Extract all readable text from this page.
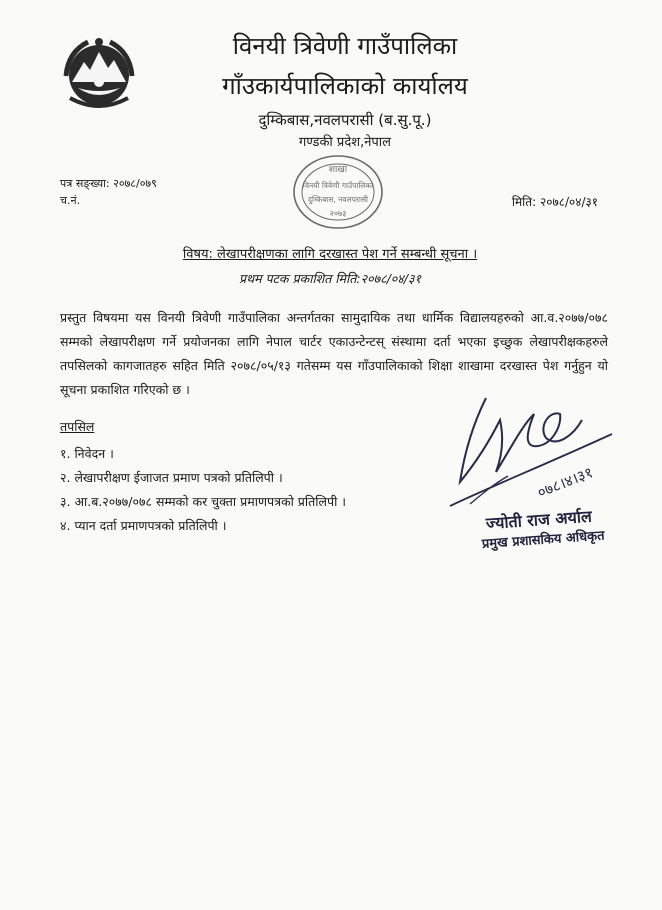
विनयी त्रिवेणी गाउँपालिका
गाँउकार्यपालिकाको कार्यालय
दुम्किबास,नवलपरासी (ब.सु.पू.)
गण्डकी प्रदेश,नेपाल
शाखा
विनयी त्रिवेणी गाउँपालिका
दुम्किबास, नवलपरासी
२०७३
पत्र सङ्ख्या: २०७८/०७९
च.नं.	मिति: २०७८/०४/३१
विषय: लेखापरीक्षणका लागि दरखास्त पेश गर्ने सम्बन्धी सूचना ।
प्रथम पटक प्रकाशित मिति:२०७८/०४/३१

प्रस्तुत विषयमा यस विनयी त्रिवेणी गाउँपालिका अन्तर्गतका सामुदायिक तथा धार्मिक विद्यालयहरुको आ.व.२०७७/०७८ सम्मको लेखापरीक्षण गर्ने प्रयोजनका लागि नेपाल चार्टर एकाउन्टेन्टस् संस्थामा दर्ता भएका इच्छुक लेखापरीक्षकहरुले तपसिलको कागजातहरु सहित मिति २०७८/०५/१३ गतेसम्म यस गाँउपालिकाको शिक्षा शाखामा दरखास्त पेश गर्नुहुन यो सूचना प्रकाशित गरिएको छ ।

तपसिल
१. निवेदन ।
२. लेखापरीक्षण ईजाजत प्रमाण पत्रको प्रतिलिपी ।
३. आ.ब.२०७७/०७८ सम्मको कर चुक्ता प्रमाणपत्रको प्रतिलिपी ।
४. प्यान दर्ता प्रमाणपत्रको प्रतिलिपी ।
०७८।४।३१
ज्योती राज अर्याल
प्रमुख प्रशासकिय अधिकृत
